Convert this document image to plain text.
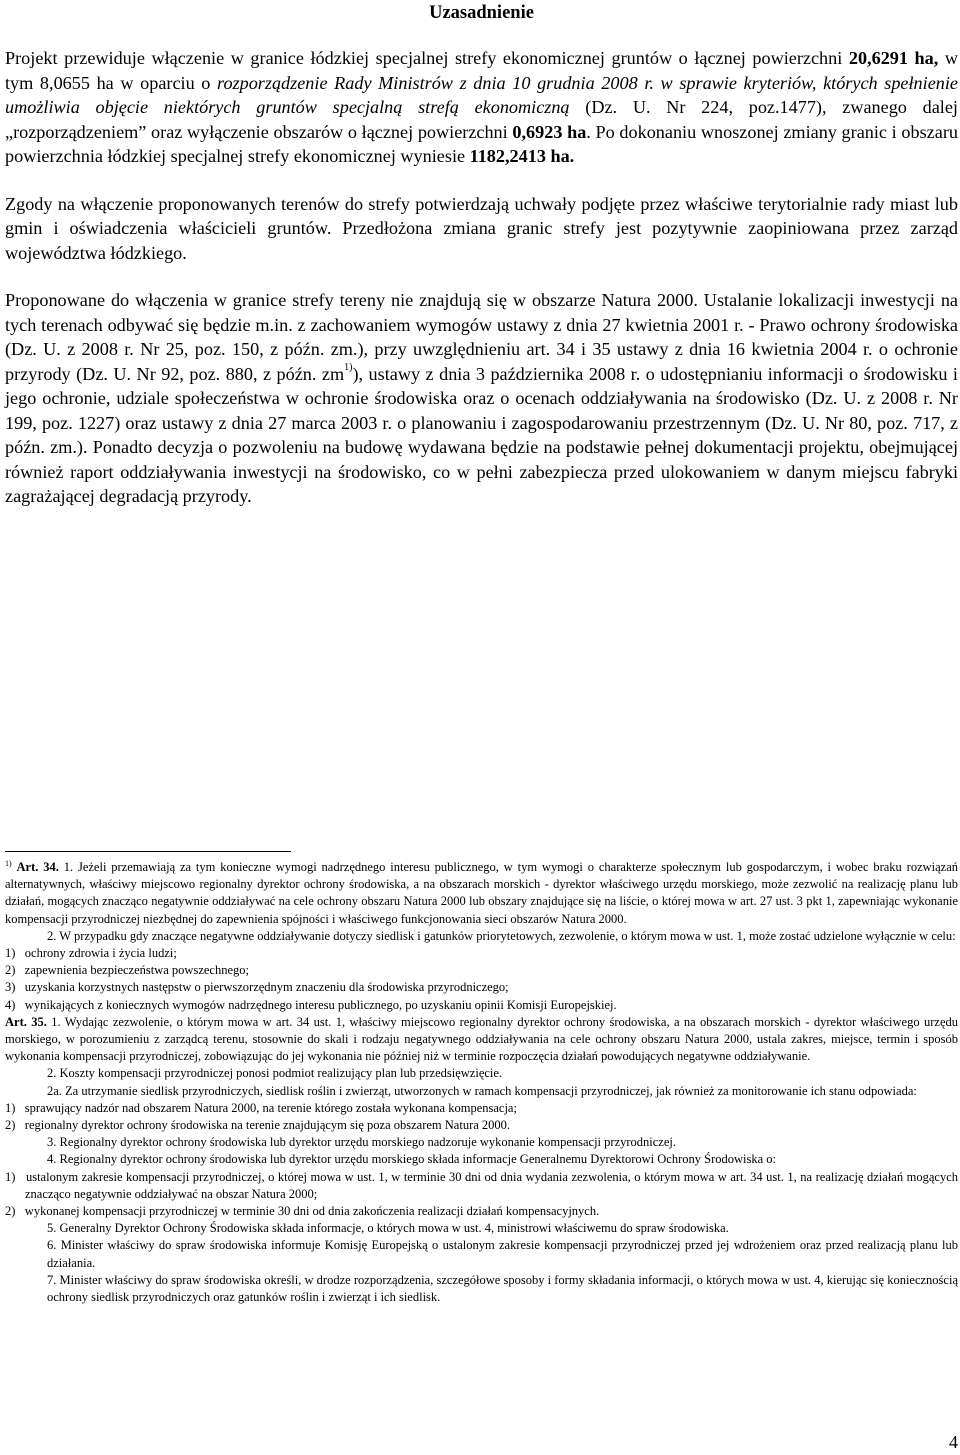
Uzasadnienie

Projekt przewiduje włączenie w granice łódzkiej specjalnej strefy ekonomicznej gruntów o łącznej powierzchni 20,6291 ha, w tym 8,0655 ha w oparciu o rozporządzenie Rady Ministrów z dnia 10 grudnia 2008 r. w sprawie kryteriów, których spełnienie umożliwia objęcie niektórych gruntów specjalną strefą ekonomiczną (Dz. U. Nr 224, poz.1477), zwanego dalej „rozporządzeniem” oraz wyłączenie obszarów o łącznej powierzchni 0,6923 ha. Po dokonaniu wnoszonej zmiany granic i obszaru powierzchnia łódzkiej specjalnej strefy ekonomicznej wyniesie 1182,2413 ha.

Zgody na włączenie proponowanych terenów do strefy potwierdzają uchwały podjęte przez właściwe terytorialnie rady miast lub gmin i oświadczenia właścicieli gruntów. Przedłożona zmiana granic strefy jest pozytywnie zaopiniowana przez zarząd województwa łódzkiego.

Proponowane do włączenia w granice strefy tereny nie znajdują się w obszarze Natura 2000. Ustalanie lokalizacji inwestycji na tych terenach odbywać się będzie m.in. z zachowaniem wymogów ustawy z dnia 27 kwietnia 2001 r. - Prawo ochrony środowiska (Dz. U. z 2008 r. Nr 25, poz. 150, z późn. zm.), przy uwzględnieniu art. 34 i 35 ustawy z dnia 16 kwietnia 2004 r. o ochronie przyrody (Dz. U. Nr 92, poz. 880, z późn. $zm^{1)}$), ustawy z dnia 3 października 2008 r. o udostępnianiu informacji o środowisku i jego ochronie, udziale społeczeństwa w ochronie środowiska oraz o ocenach oddziaływania na środowisko (Dz. U. z 2008 r. Nr 199, poz. 1227) oraz ustawy z dnia 27 marca 2003 r. o planowaniu i zagospodarowaniu przestrzennym (Dz. U. Nr 80, poz. 717, z późn. zm.). Ponadto decyzja o pozwoleniu na budowę wydawana będzie na podstawie pełnej dokumentacji projektu, obejmującej również raport oddziaływania inwestycji na środowisko, co w pełni zabezpiecza przed ulokowaniem w danym miejscu fabryki zagrażającej degradacją przyrody.

$^{1)}$ Art. 34. 1. Jeżeli przemawiają za tym konieczne wymogi nadrzędnego interesu publicznego, w tym wymogi o charakterze społecznym lub gospodarczym, i wobec braku rozwiązań alternatywnych, właściwy miejscowo regionalny dyrektor ochrony środowiska, a na obszarach morskich - dyrektor właściwego urzędu morskiego, może zezwolić na realizację planu lub działań, mogących znacząco negatywnie oddziaływać na cele ochrony obszaru Natura 2000 lub obszary znajdujące się na liście, o której mowa w art. 27 ust. 3 pkt 1, zapewniając wykonanie kompensacji przyrodniczej niezbędnej do zapewnienia spójności i właściwego funkcjonowania sieci obszarów Natura 2000.

2. W przypadku gdy znaczące negatywne oddziaływanie dotyczy siedlisk i gatunków priorytetowych, zezwolenie, o którym mowa w ust. 1, może zostać udzielone wyłącznie w celu:

1)   ochrony zdrowia i życia ludzi;

2)   zapewnienia bezpieczeństwa powszechnego;

3)   uzyskania korzystnych następstw o pierwszorzędnym znaczeniu dla środowiska przyrodniczego;

4)   wynikających z koniecznych wymogów nadrzędnego interesu publicznego, po uzyskaniu opinii Komisji Europejskiej.

Art. 35. 1. Wydając zezwolenie, o którym mowa w art. 34 ust. 1, właściwy miejscowo regionalny dyrektor ochrony środowiska, a na obszarach morskich - dyrektor właściwego urzędu morskiego, w porozumieniu z zarządcą terenu, stosownie do skali i rodzaju negatywnego oddziaływania na cele ochrony obszaru Natura 2000, ustala zakres, miejsce, termin i sposób wykonania kompensacji przyrodniczej, zobowiązując do jej wykonania nie później niż w terminie rozpoczęcia działań powodujących negatywne oddziaływanie.

2. Koszty kompensacji przyrodniczej ponosi podmiot realizujący plan lub przedsięwzięcie.

2a. Za utrzymanie siedlisk przyrodniczych, siedlisk roślin i zwierząt, utworzonych w ramach kompensacji przyrodniczej, jak również za monitorowanie ich stanu odpowiada:

1)   sprawujący nadzór nad obszarem Natura 2000, na terenie którego została wykonana kompensacja;

2)   regionalny dyrektor ochrony środowiska na terenie znajdującym się poza obszarem Natura 2000.

3. Regionalny dyrektor ochrony środowiska lub dyrektor urzędu morskiego nadzoruje wykonanie kompensacji przyrodniczej.

4. Regionalny dyrektor ochrony środowiska lub dyrektor urzędu morskiego składa informacje Generalnemu Dyrektorowi Ochrony Środowiska o:

1)   ustalonym zakresie kompensacji przyrodniczej, o której mowa w ust. 1, w terminie 30 dni od dnia wydania zezwolenia, o którym mowa w art. 34 ust. 1, na realizację działań mogących znacząco negatywnie oddziaływać na obszar Natura 2000;

2)   wykonanej kompensacji przyrodniczej w terminie 30 dni od dnia zakończenia realizacji działań kompensacyjnych.

5. Generalny Dyrektor Ochrony Środowiska składa informacje, o których mowa w ust. 4, ministrowi właściwemu do spraw środowiska.

6. Minister właściwy do spraw środowiska informuje Komisję Europejską o ustalonym zakresie kompensacji przyrodniczej przed jej wdrożeniem oraz przed realizacją planu lub działania.

7. Minister właściwy do spraw środowiska określi, w drodze rozporządzenia, szczegółowe sposoby i formy składania informacji, o których mowa w ust. 4, kierując się koniecznością ochrony siedlisk przyrodniczych oraz gatunków roślin i zwierząt i ich siedlisk.

4
